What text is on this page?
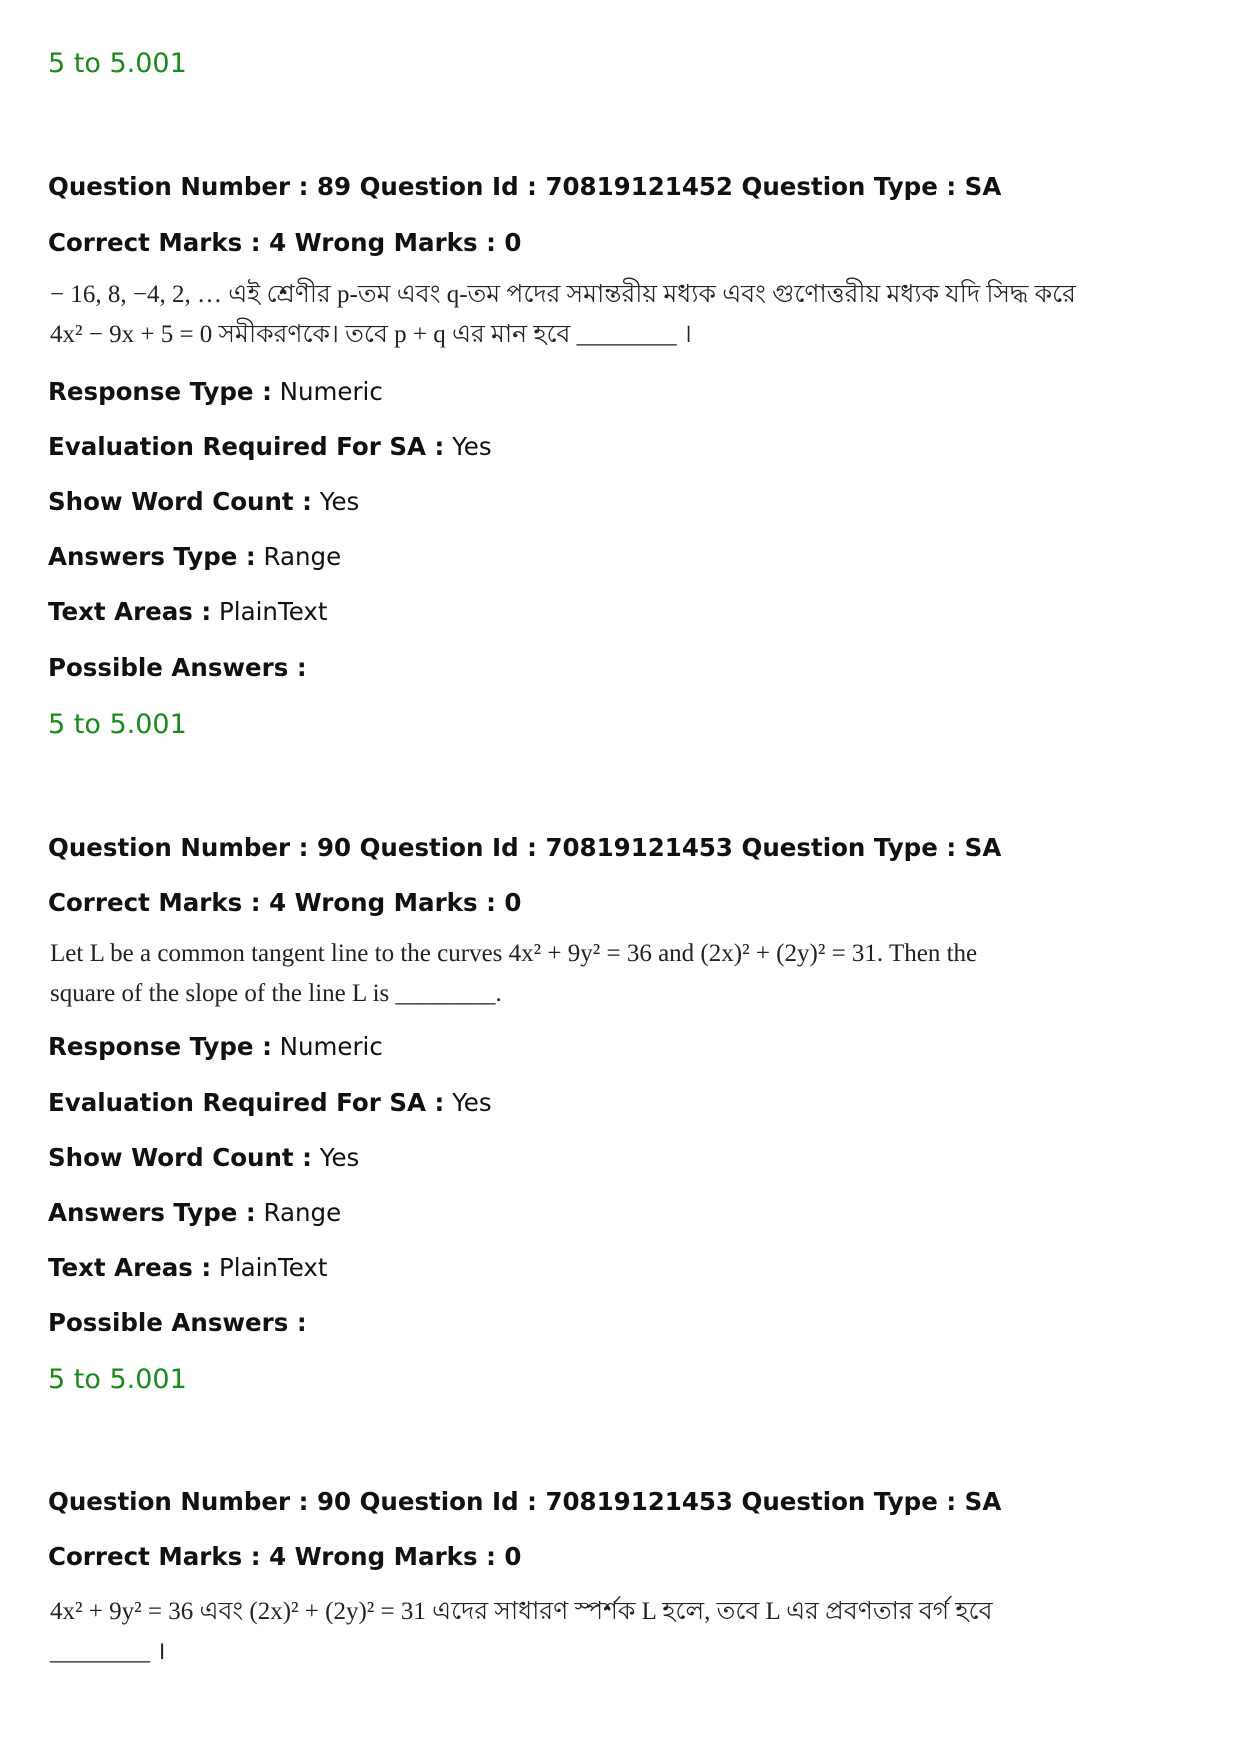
5 to 5.001
Question Number : 89 Question Id : 70819121452 Question Type : SA
Correct Marks : 4 Wrong Marks : 0
− 16, 8, −4, 2, … এই শ্রেণীর p-তম এবং q-তম পদের সমান্তরীয় মধ্যক এবং গুণোত্তরীয় মধ্যক যদি সিদ্ধ করে
4x² − 9x + 5 = 0 সমীকরণকে। তবে p + q এর মান হবে ________ ।
Response Type : Numeric
Evaluation Required For SA : Yes
Show Word Count : Yes
Answers Type : Range
Text Areas : PlainText
Possible Answers :
5 to 5.001
Question Number : 90 Question Id : 70819121453 Question Type : SA
Correct Marks : 4 Wrong Marks : 0
Let L be a common tangent line to the curves 4x² + 9y² = 36 and (2x)² + (2y)² = 31. Then the
square of the slope of the line L is ________.
Response Type : Numeric
Evaluation Required For SA : Yes
Show Word Count : Yes
Answers Type : Range
Text Areas : PlainText
Possible Answers :
5 to 5.001
Question Number : 90 Question Id : 70819121453 Question Type : SA
Correct Marks : 4 Wrong Marks : 0
4x² + 9y² = 36 এবং (2x)² + (2y)² = 31 এদের সাধারণ স্পর্শক L হলে, তবে L এর প্রবণতার বর্গ হবে
________ ।
